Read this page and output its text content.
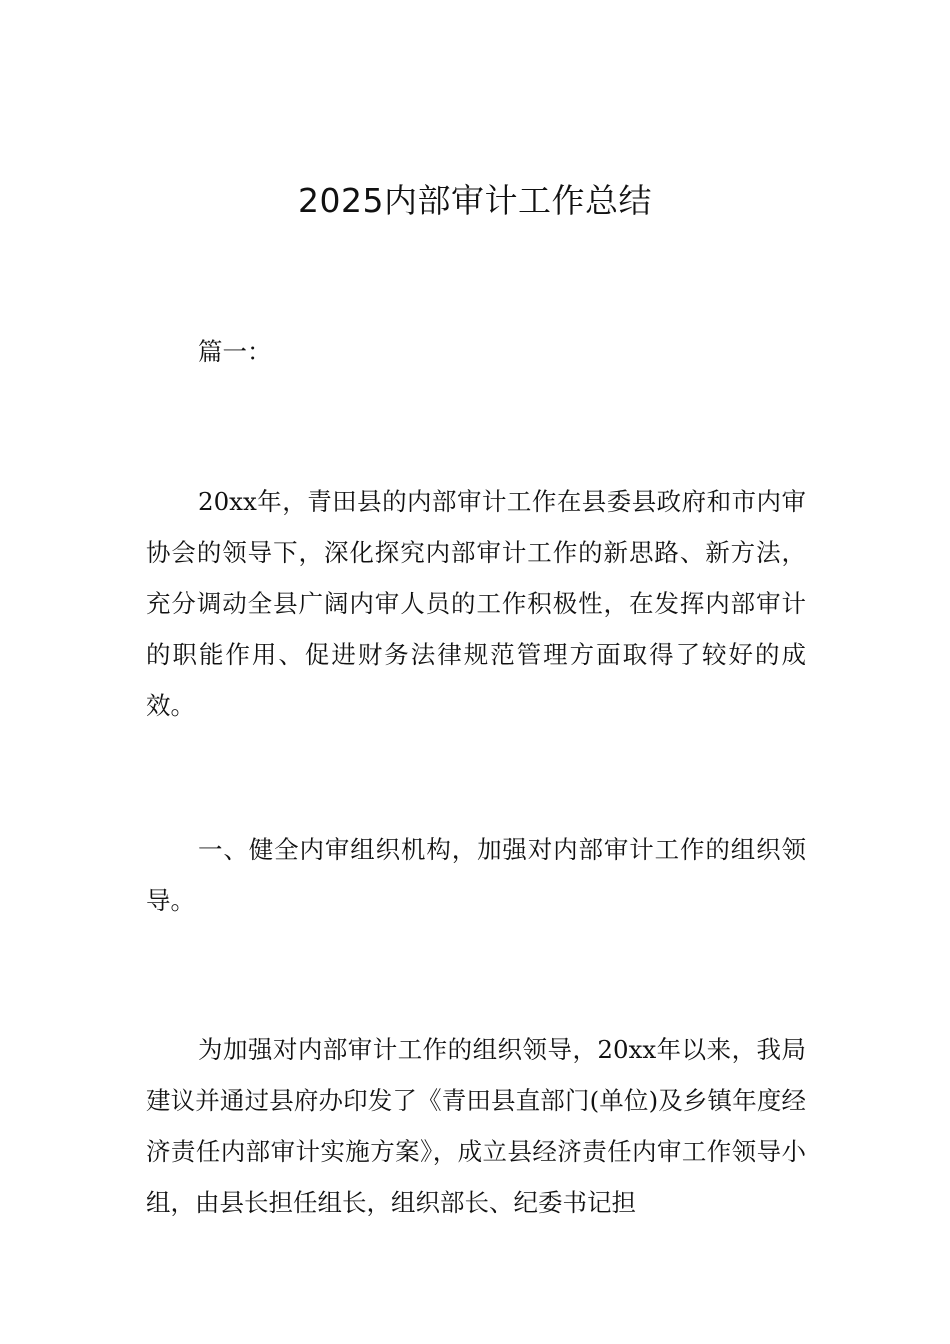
2025内部审计工作总结

篇一：

20xx年，青田县的内部审计工作在县委县政府和市内审协会的领导下，深化探究内部审计工作的新思路、新方法，充分调动全县广阔内审人员的工作积极性，在发挥内部审计的职能作用、促进财务法律规范管理方面取得了较好的成效。

一、健全内审组织机构，加强对内部审计工作的组织领导。

为加强对内部审计工作的组织领导，20xx年以来，我局建议并通过县府办印发了《青田县直部门(单位)及乡镇年度经济责任内部审计实施方案》，成立县经济责任内审工作领导小组，由县长担任组长，组织部长、纪委书记担
